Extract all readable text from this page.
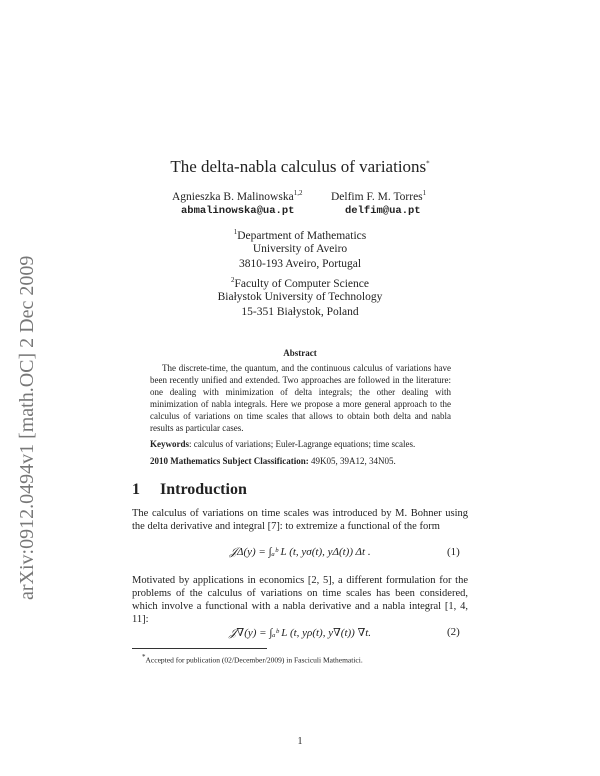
arXiv:0912.0494v1 [math.OC] 2 Dec 2009
The delta-nabla calculus of variations*
Agnieszka B. Malinowska$^{1,2}$
abmalinowska@ua.pt
Delfim F. M. Torres$^1$
delfim@ua.pt
$^1$Department of Mathematics
University of Aveiro
3810-193 Aveiro, Portugal
$^2$Faculty of Computer Science
Białystok University of Technology
15-351 Białystok, Poland
Abstract
The discrete-time, the quantum, and the continuous calculus of variations have been recently unified and extended. Two approaches are followed in the literature: one dealing with minimization of delta integrals; the other dealing with minimization of nabla integrals. Here we propose a more general approach to the calculus of variations on time scales that allows to obtain both delta and nabla results as particular cases.
Keywords: calculus of variations; Euler-Lagrange equations; time scales.
2010 Mathematics Subject Classification: 49K05, 39A12, 34N05.
1 Introduction
The calculus of variations on time scales was introduced by M. Bohner using the delta derivative and integral [7]: to extremize a functional of the form
𝒥Δ(y) = ∫ₐᵇ L (t, yσ(t), yΔ(t)) Δt .	(1)
Motivated by applications in economics [2, 5], a different formulation for the problems of the calculus of variations on time scales has been considered, which involve a functional with a nabla derivative and a nabla integral [1, 4, 11]:
𝒥∇(y) = ∫ₐᵇ L (t, yρ(t), y∇(t)) ∇t.	(2)
*Accepted for publication (02/December/2009) in Fasciculi Mathematici.
1
